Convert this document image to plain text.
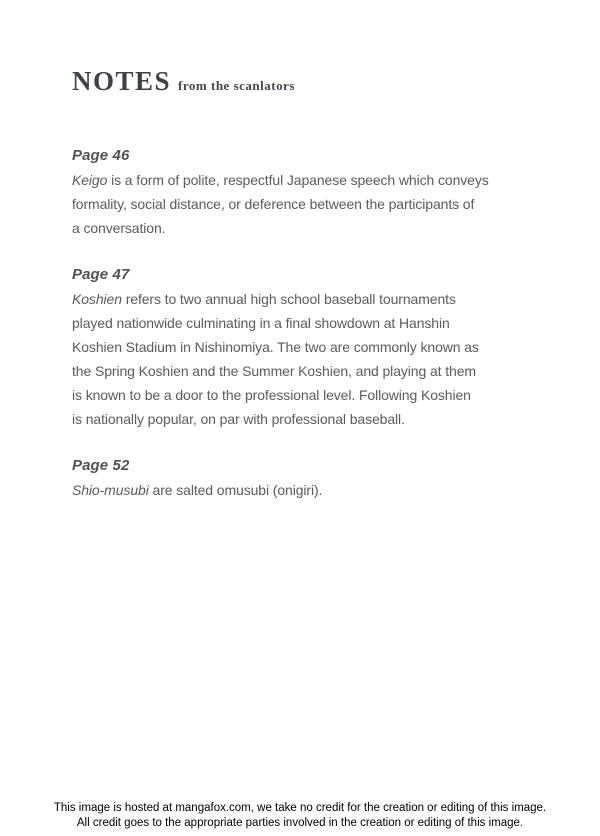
NOTES from the scanlators
Page 46
Keigo is a form of polite, respectful Japanese speech which conveys
formality, social distance, or deference between the participants of
a conversation.
Page 47
Koshien refers to two annual high school baseball tournaments
played nationwide culminating in a final showdown at Hanshin
Koshien Stadium in Nishinomiya. The two are commonly known as
the Spring Koshien and the Summer Koshien, and playing at them
is known to be a door to the professional level. Following Koshien
is nationally popular, on par with professional baseball.
Page 52
Shio-musubi are salted omusubi (onigiri).
This image is hosted at mangafox.com, we take no credit for the creation or editing of this image.
All credit goes to the appropriate parties involved in the creation or editing of this image.
